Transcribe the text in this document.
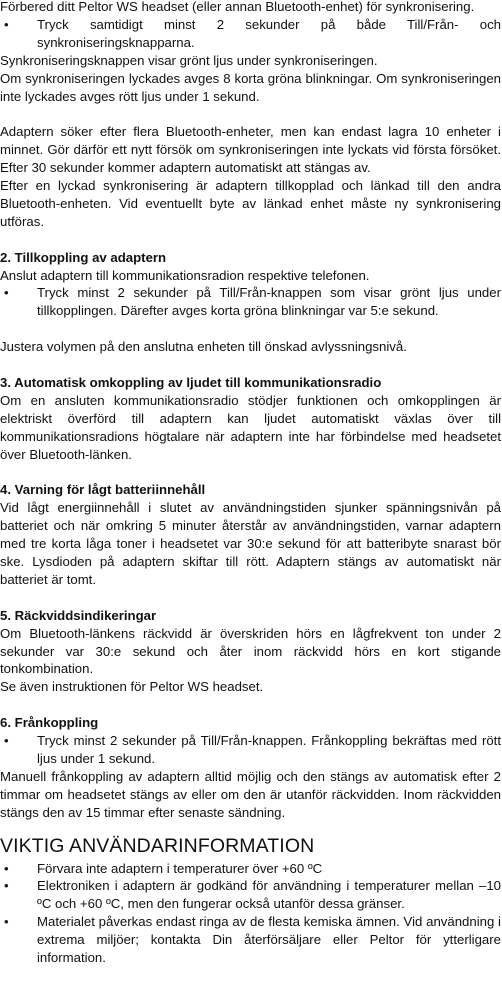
Förbered ditt Peltor WS headset (eller annan Bluetooth-enhet) för synkronisering.

• Tryck samtidigt minst 2 sekunder på både Till/Från- och synkroniseringsknapparna.

Synkroniseringsknappen visar grönt ljus under synkroniseringen.

Om synkroniseringen lyckades avges 8 korta gröna blinkningar. Om synkroniseringen inte lyckades avges rött ljus under 1 sekund.

Adaptern söker efter flera Bluetooth-enheter, men kan endast lagra 10 enheter i minnet. Gör därför ett nytt försök om synkroniseringen inte lyckats vid första försöket. Efter 30 sekunder kommer adaptern automatiskt att stängas av.

Efter en lyckad synkronisering är adaptern tillkopplad och länkad till den andra Bluetooth-enheten. Vid eventuellt byte av länkad enhet måste ny synkronisering utföras.

2. Tillkoppling av adaptern

Anslut adaptern till kommunikationsradion respektive telefonen.

• Tryck minst 2 sekunder på Till/Från-knappen som visar grönt ljus under tillkopplingen. Därefter avges korta gröna blinkningar var 5:e sekund.

Justera volymen på den anslutna enheten till önskad avlyssningsnivå.

3. Automatisk omkoppling av ljudet till kommunikationsradio

Om en ansluten kommunikationsradio stödjer funktionen och omkopplingen är elektriskt överförd till adaptern kan ljudet automatiskt växlas över till kommunikationsradions högtalare när adaptern inte har förbindelse med headsetet över Bluetooth-länken.

4. Varning för lågt batteriinnehåll

Vid lågt energiinnehåll i slutet av användningstiden sjunker spänningsnivån på batteriet och när omkring 5 minuter återstår av användningstiden, varnar adaptern med tre korta låga toner i headsetet var 30:e sekund för att batteribyte snarast bör ske. Lysdioden på adaptern skiftar till rött. Adaptern stängs av automatiskt när batteriet är tomt.

5. Räckviddsindikeringar

Om Bluetooth-länkens räckvidd är överskriden hörs en lågfrekvent ton under 2 sekunder var 30:e sekund och åter inom räckvidd hörs en kort stigande tonkombination.

Se även instruktionen för Peltor WS headset.

6. Frånkoppling

• Tryck minst 2 sekunder på Till/Från-knappen. Frånkoppling bekräftas med rött ljus under 1 sekund.

Manuell frånkoppling av adaptern alltid möjlig och den stängs av automatisk efter 2 timmar om headsetet stängs av eller om den är utanför räckvidden. Inom räckvidden stängs den av 15 timmar efter senaste sändning.

VIKTIG ANVÄNDARINFORMATION

• Förvara inte adaptern i temperaturer över +60 ºC
• Elektroniken i adaptern är godkänd för användning i temperaturer mellan –10 ºC och +60 ºC, men den fungerar också utanför dessa gränser.
• Materialet påverkas endast ringa av de flesta kemiska ämnen. Vid användning i extrema miljöer; kontakta Din återförsäljare eller Peltor för ytterligare information.
